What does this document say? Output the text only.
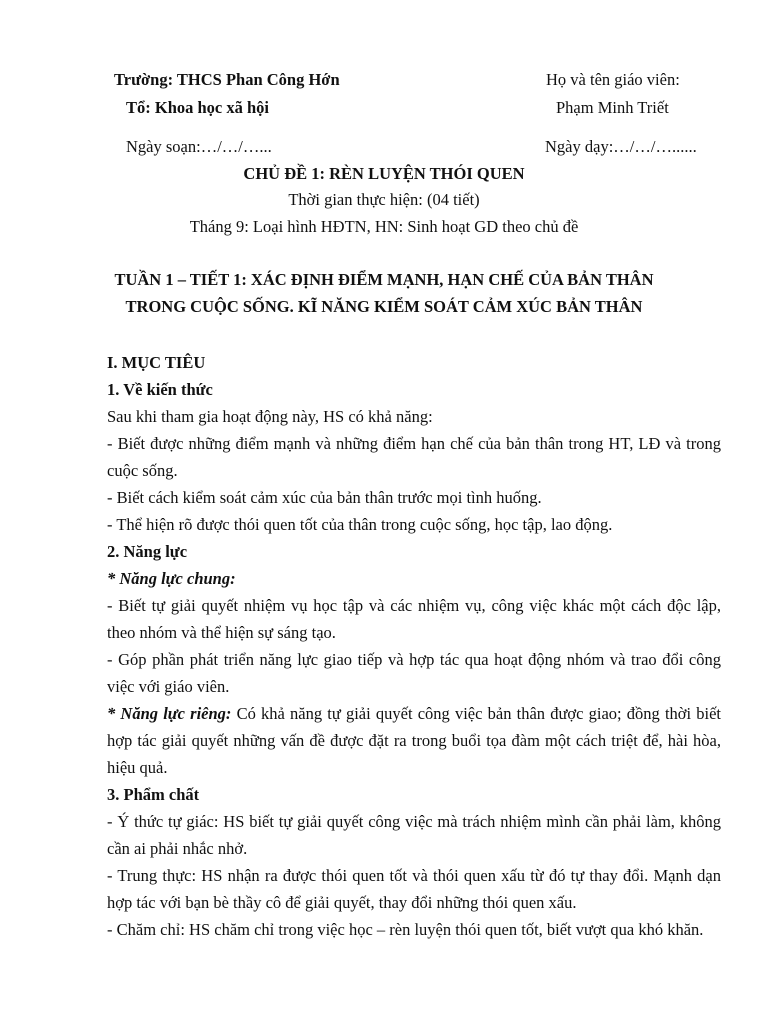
Trường: THCS Phan Công Hớn
Tổ: Khoa học xã hội
Họ và tên giáo viên:
Phạm Minh Triết
Ngày soạn:…/…/…...	Ngày dạy:…/…/…......
CHỦ ĐỀ 1: RÈN LUYỆN THÓI QUEN
Thời gian thực hiện: (04 tiết)
Tháng 9: Loại hình HĐTN, HN: Sinh hoạt GD theo chủ đề
TUẦN 1 – TIẾT 1: XÁC ĐỊNH ĐIỂM MẠNH, HẠN CHẾ CỦA BẢN THÂN
TRONG CUỘC SỐNG. KĨ NĂNG KIỂM SOÁT CẢM XÚC BẢN THÂN

I. MỤC TIÊU

1. Về kiến thức

Sau khi tham gia hoạt động này, HS có khả năng:

- Biết được những điểm mạnh và những điểm hạn chế của bản thân trong HT, LĐ và trong cuộc sống.

- Biết cách kiểm soát cảm xúc của bản thân trước mọi tình huống.

- Thể hiện rõ được thói quen tốt của thân trong cuộc sống, học tập, lao động.

2. Năng lực

* Năng lực chung:

- Biết tự giải quyết nhiệm vụ học tập và các nhiệm vụ, công việc khác một cách độc lập, theo nhóm và thể hiện sự sáng tạo.

- Góp phần phát triển năng lực giao tiếp và hợp tác qua hoạt động nhóm và trao đổi công việc với giáo viên.

* Năng lực riêng: Có khả năng tự giải quyết công việc bản thân được giao; đồng thời biết hợp tác giải quyết những vấn đề được đặt ra trong buổi tọa đàm một cách triệt để, hài hòa, hiệu quả.

3. Phẩm chất

- Ý thức tự giác: HS biết tự giải quyết công việc mà trách nhiệm mình cần phải làm, không cần ai phải nhắc nhở.

- Trung thực: HS nhận ra được thói quen tốt và thói quen xấu từ đó tự thay đổi. Mạnh dạn hợp tác với bạn bè thầy cô để giải quyết, thay đổi những thói quen xấu.

- Chăm chỉ: HS chăm chỉ trong việc học – rèn luyện thói quen tốt, biết vượt qua khó khăn.
